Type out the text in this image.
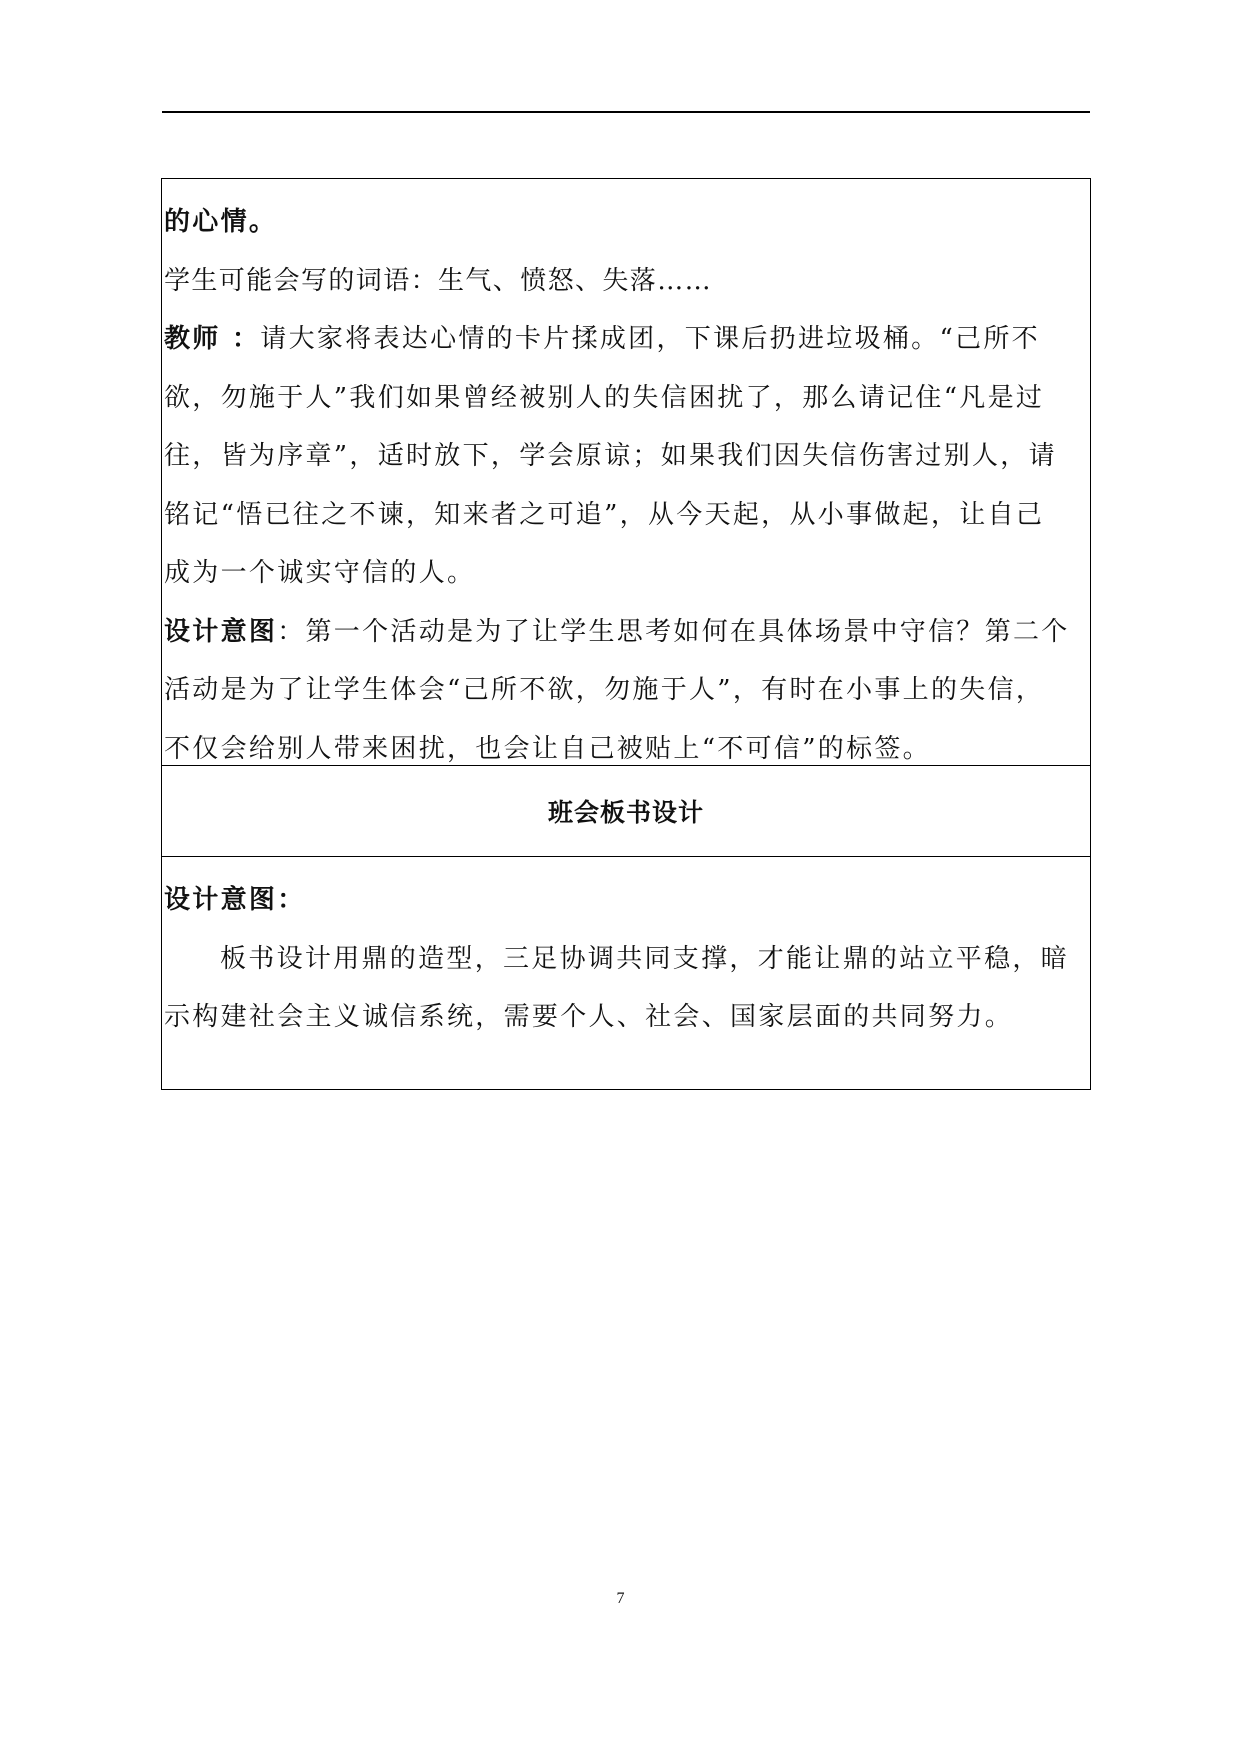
的心情。
学生可能会写的词语：生气、愤怒、失落……
教师 ：请大家将表达心情的卡片揉成团，下课后扔进垃圾桶。“己所不
欲，勿施于人”我们如果曾经被别人的失信困扰了，那么请记住“凡是过
往，皆为序章”，适时放下，学会原谅；如果我们因失信伤害过别人，请
铭记“悟已往之不谏，知来者之可追”，从今天起，从小事做起，让自己
成为一个诚实守信的人。
设计意图：第一个活动是为了让学生思考如何在具体场景中守信？第二个
活动是为了让学生体会“己所不欲，勿施于人”，有时在小事上的失信，
不仅会给别人带来困扰，也会让自己被贴上“不可信”的标签。
班会板书设计
设计意图：
板书设计用鼎的造型，三足协调共同支撑，才能让鼎的站立平稳，暗
示构建社会主义诚信系统，需要个人、社会、国家层面的共同努力。
7
